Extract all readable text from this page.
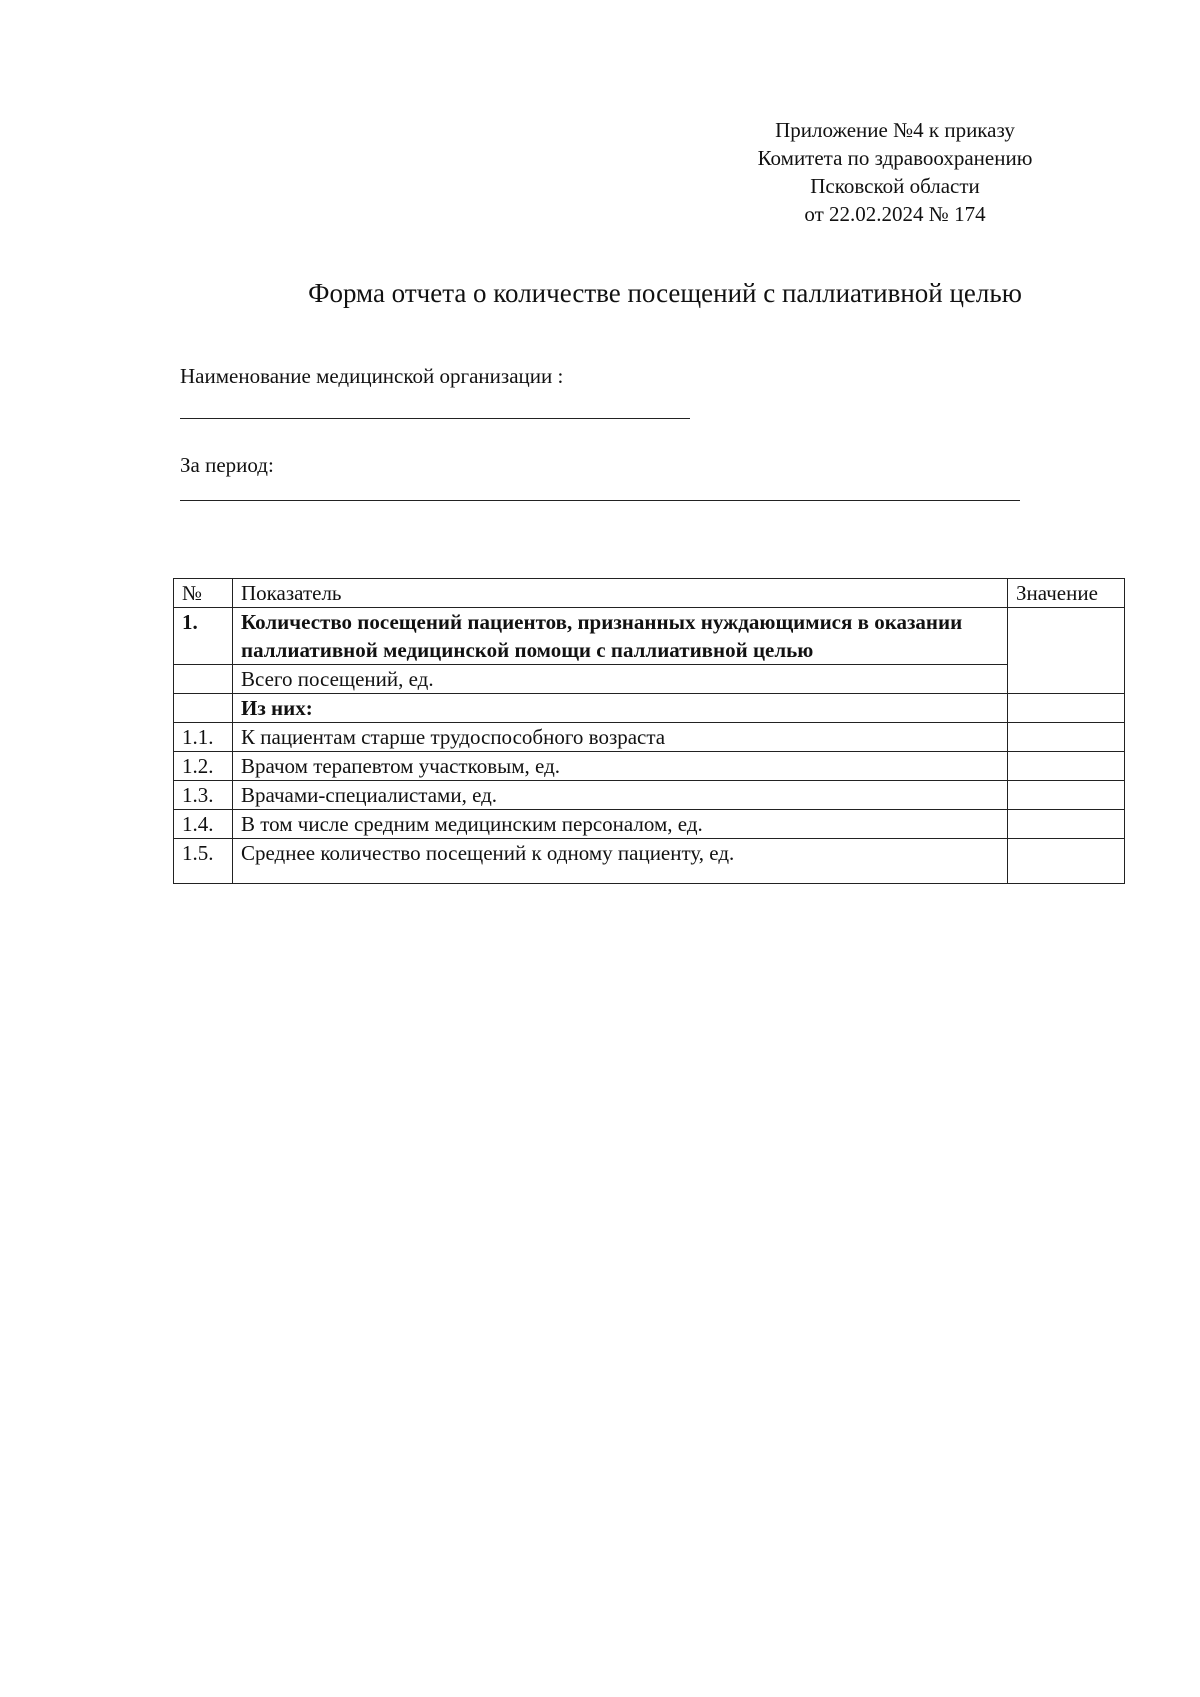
Приложение №4 к приказу
Комитета по здравоохранению
Псковской области
от 22.02.2024 № 174
Форма отчета о количестве посещений с паллиативной целью
Наименование медицинской организации :
За период:
№	Показатель	Значение
1.	Количество посещений пациентов, признанных нуждающимися в оказании паллиативной медицинской помощи с паллиативной целью	
	Всего посещений, ед.	
	Из них:	
1.1.	К пациентам старше трудоспособного возраста	
1.2.	Врачом терапевтом участковым, ед.	
1.3.	Врачами-специалистами, ед.	
1.4.	В том числе средним медицинским персоналом, ед.	
1.5.	Среднее количество посещений к одному пациенту, ед.	
